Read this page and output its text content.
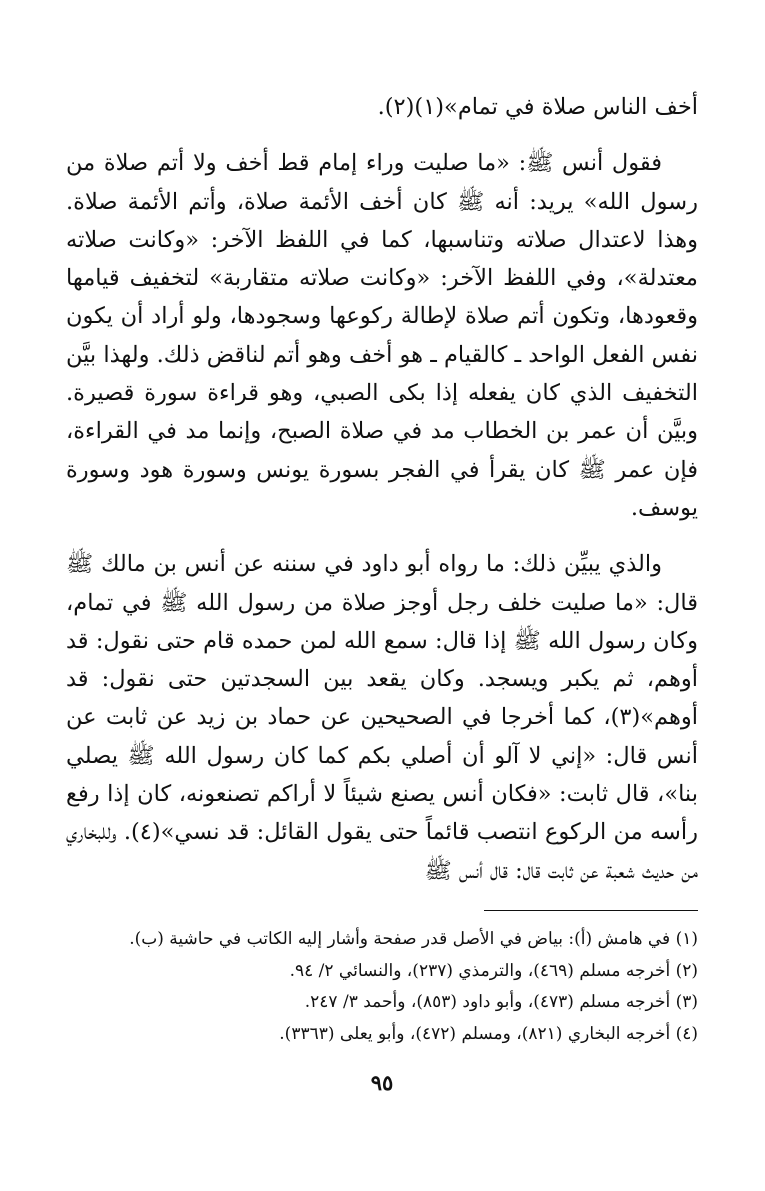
أخف الناس صلاة في تمام»(١)(٢).

فقول أنس ﷺ: «ما صليت وراء إمام قط أخف ولا أتم صلاة من رسول الله» يريد: أنه ﷺ كان أخف الأئمة صلاة، وأتم الأئمة صلاة. وهذا لاعتدال صلاته وتناسبها، كما في اللفظ الآخر: «وكانت صلاته معتدلة»، وفي اللفظ الآخر: «وكانت صلاته متقاربة» لتخفيف قيامها وقعودها، وتكون أتم صلاة لإطالة ركوعها وسجودها، ولو أراد أن يكون نفس الفعل الواحد ـ كالقيام ـ هو أخف وهو أتم لناقض ذلك. ولهذا بيَّن التخفيف الذي كان يفعله إذا بكى الصبي، وهو قراءة سورة قصيرة. وبيَّن أن عمر بن الخطاب مد في صلاة الصبح، وإنما مد في القراءة، فإن عمر ﷺ كان يقرأ في الفجر بسورة يونس وسورة هود وسورة يوسف.

والذي يبيِّن ذلك: ما رواه أبو داود في سننه عن أنس بن مالك ﷺ قال: «ما صليت خلف رجل أوجز صلاة من رسول الله ﷺ في تمام، وكان رسول الله ﷺ إذا قال: سمع الله لمن حمده قام حتى نقول: قد أوهم، ثم يكبر ويسجد. وكان يقعد بين السجدتين حتى نقول: قد أوهم»(٣)، كما أخرجا في الصحيحين عن حماد بن زيد عن ثابت عن أنس قال: «إني لا آلو أن أصلي بكم كما كان رسول الله ﷺ يصلي بنا»، قال ثابت: «فكان أنس يصنع شيئاً لا أراكم تصنعونه، كان إذا رفع رأسه من الركوع انتصب قائماً حتى يقول القائل: قد نسي»(٤). وللبخاري من حديث شعبة عن ثابت قال: قال أنس ﷺ

(١) في هامش (أ): بياض في الأصل قدر صفحة وأشار إليه الكاتب في حاشية (ب).

(٢) أخرجه مسلم (٤٦٩)، والترمذي (٢٣٧)، والنسائي ٢/ ٩٤.

(٣) أخرجه مسلم (٤٧٣)، وأبو داود (٨٥٣)، وأحمد ٣/ ٢٤٧.

(٤) أخرجه البخاري (٨٢١)، ومسلم (٤٧٢)، وأبو يعلى (٣٣٦٣).

٩٥
